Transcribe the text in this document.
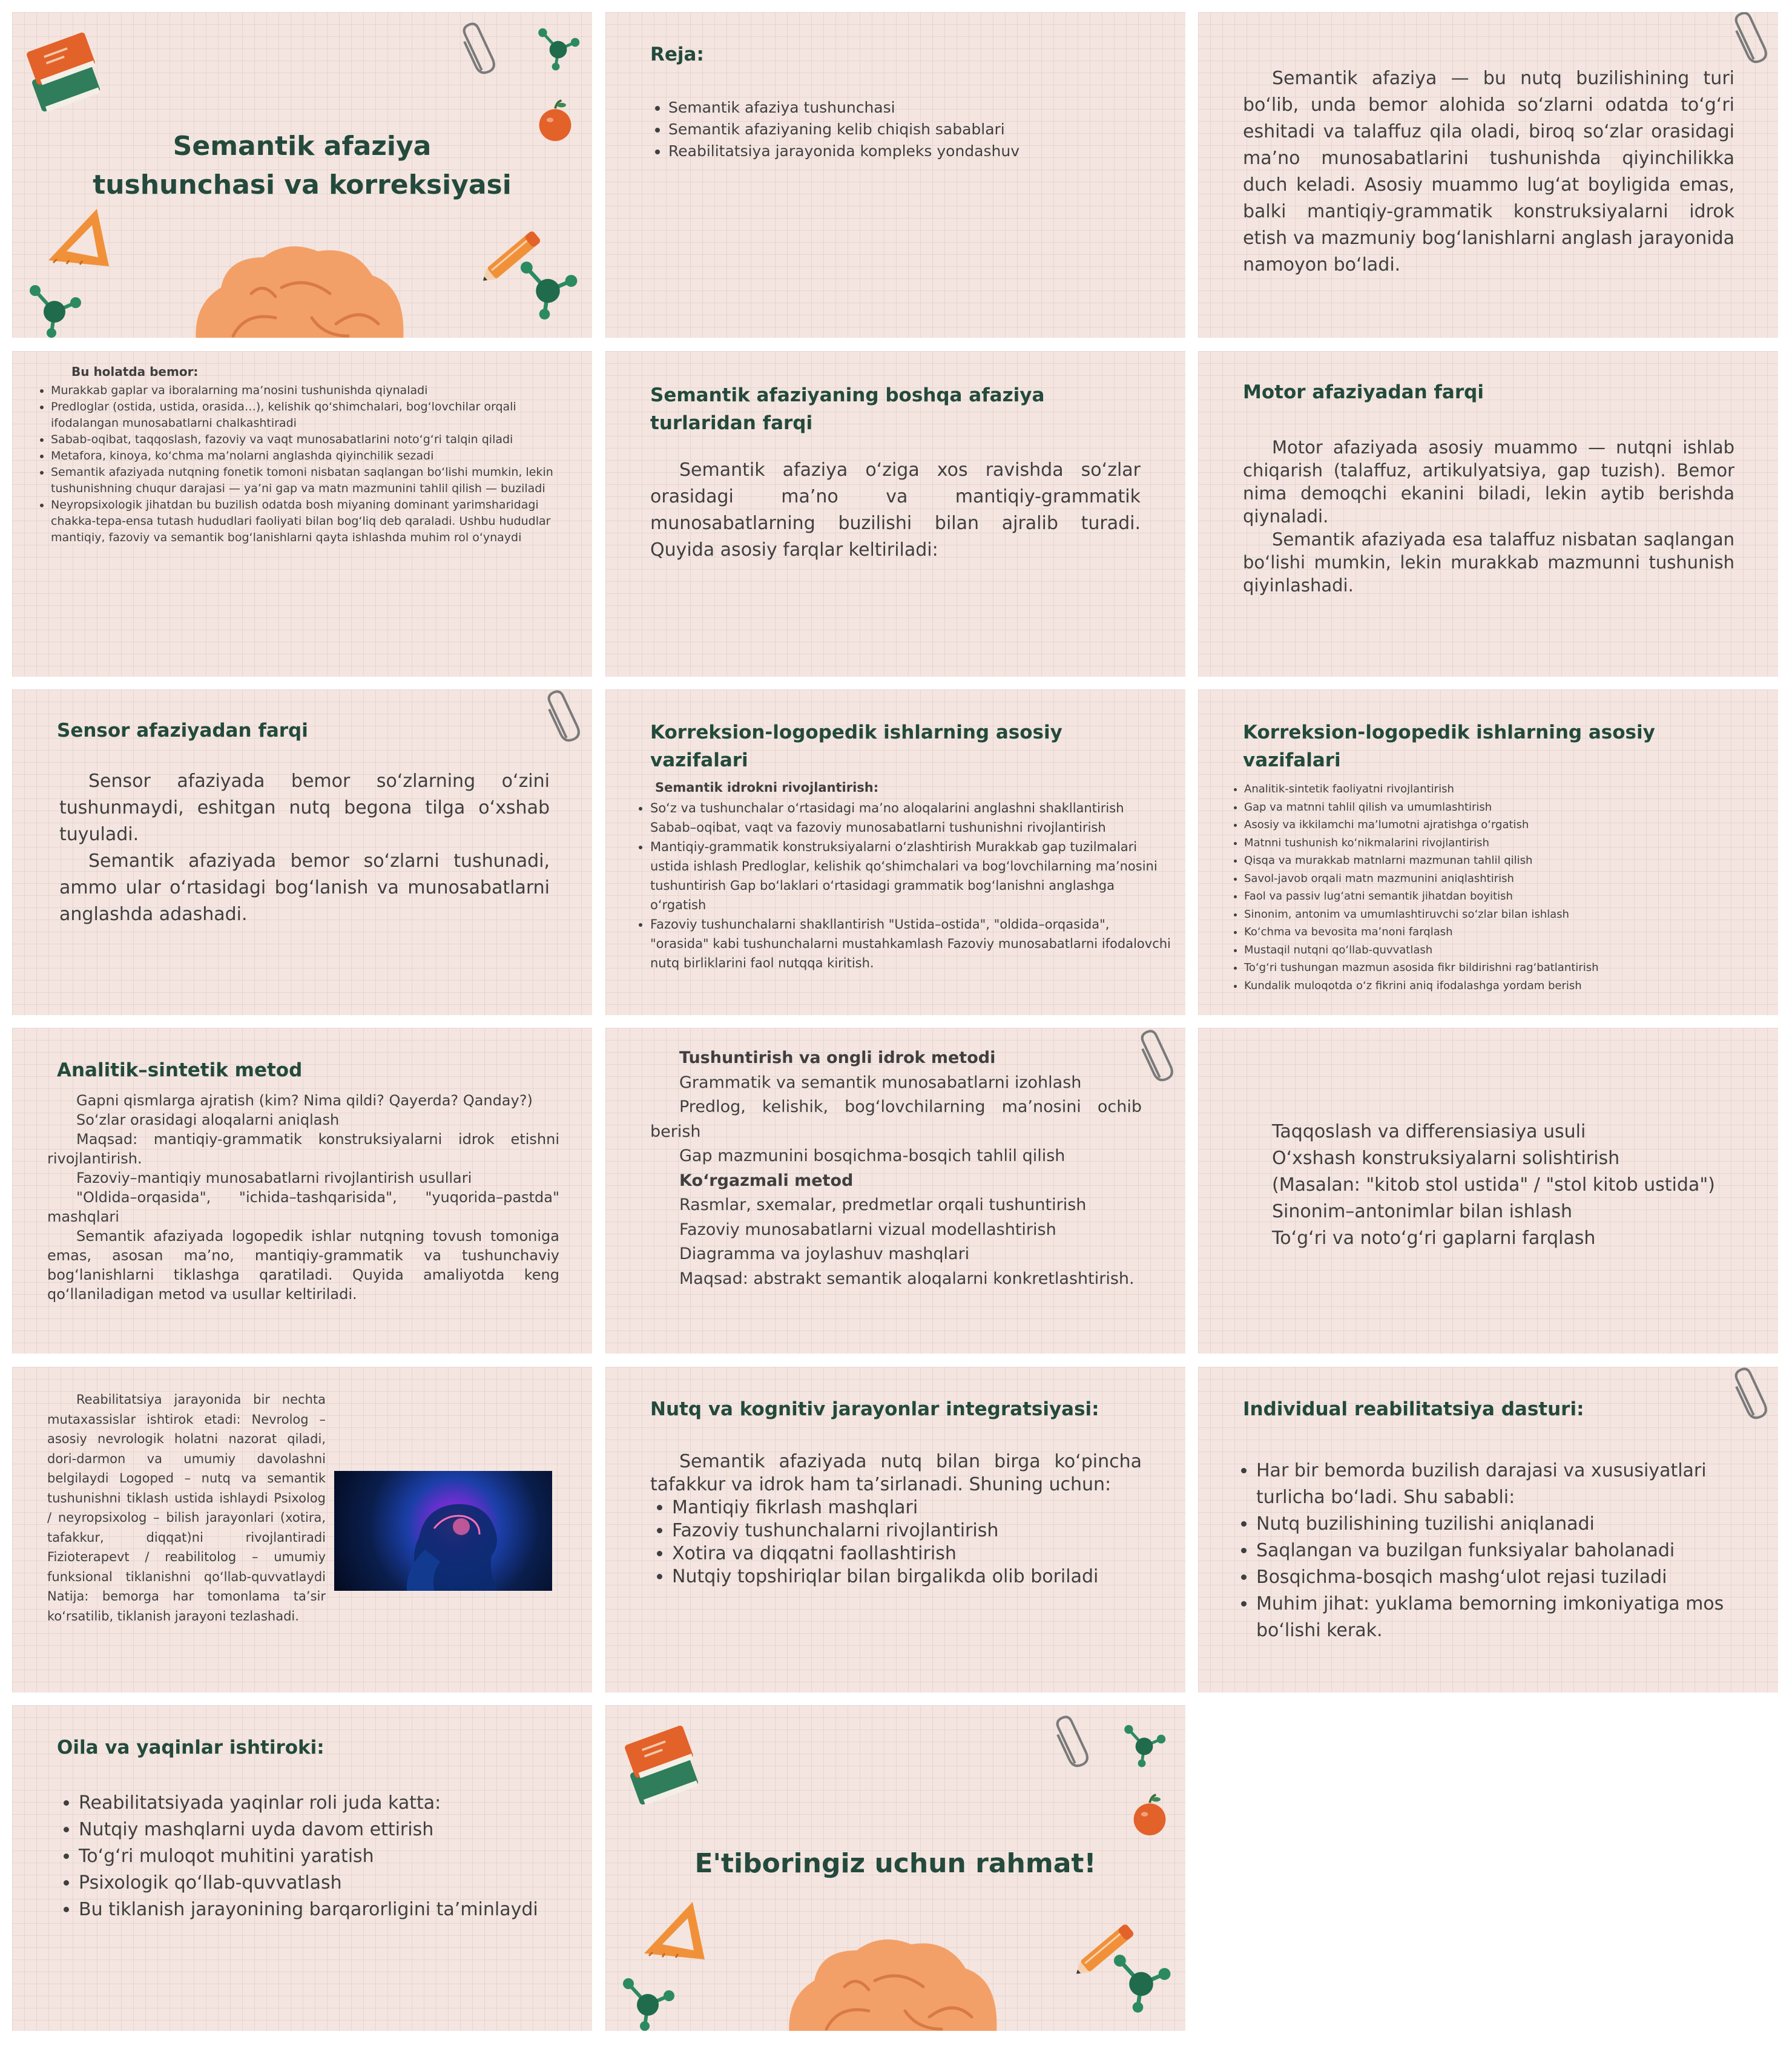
Semantik afaziya
tushunchasi va korreksiyasi
Reja:
• Semantik afaziya tushunchasi
• Semantik afaziyaning kelib chiqish sabablari
• Reabilitatsiya jarayonida kompleks yondashuv

Semantik afaziya — bu nutq buzilishining turi bo‘lib, unda bemor alohida so‘zlarni odatda to‘g‘ri eshitadi va talaffuz qila oladi, biroq so‘zlar orasidagi ma’no munosabatlarini tushunishda qiyinchilikka duch keladi. Asosiy muammo lug‘at boyligida emas, balki mantiqiy-grammatik konstruksiyalarni idrok etish va mazmuniy bog‘lanishlarni anglash jarayonida namoyon bo‘ladi.

Bu holatda bemor:
• Murakkab gaplar va iboralarning ma’nosini tushunishda qiynaladi
• Predloglar (ostida, ustida, orasida…), kelishik qo‘shimchalari, bog‘lovchilar orqali ifodalangan munosabatlarni chalkashtiradi
• Sabab-oqibat, taqqoslash, fazoviy va vaqt munosabatlarini noto‘g‘ri talqin qiladi
• Metafora, kinoya, ko‘chma ma’nolarni anglashda qiyinchilik sezadi
• Semantik afaziyada nutqning fonetik tomoni nisbatan saqlangan bo‘lishi mumkin, lekin tushunishning chuqur darajasi — ya’ni gap va matn mazmunini tahlil qilish — buziladi
• Neyropsixologik jihatdan bu buzilish odatda bosh miyaning dominant yarimsharidagi chakka-tepa-ensa tutash hududlari faoliyati bilan bog‘liq deb qaraladi. Ushbu hududlar mantiqiy, fazoviy va semantik bog‘lanishlarni qayta ishlashda muhim rol o‘ynaydi
Semantik afaziyaning boshqa afaziya turlaridan farqi

Semantik afaziya o‘ziga xos ravishda so‘zlar orasidagi ma’no va mantiqiy-grammatik munosabatlarning buzilishi bilan ajralib turadi. Quyida asosiy farqlar keltiriladi:

Motor afaziyadan farqi

Motor afaziyada asosiy muammo — nutqni ishlab chiqarish (talaffuz, artikulyatsiya, gap tuzish). Bemor nima demoqchi ekanini biladi, lekin aytib berishda qiynaladi.

Semantik afaziyada esa talaffuz nisbatan saqlangan bo‘lishi mumkin, lekin murakkab mazmunni tushunish qiyinlashadi.

Sensor afaziyadan farqi

Sensor afaziyada bemor so‘zlarning o‘zini tushunmaydi, eshitgan nutq begona tilga o‘xshab tuyuladi.

Semantik afaziyada bemor so‘zlarni tushunadi, ammo ular o‘rtasidagi bog‘lanish va munosabatlarni anglashda adashadi.

Korreksion-logopedik ishlarning asosiy vazifalari
Semantik idrokni rivojlantirish:
• So‘z va tushunchalar o‘rtasidagi ma’no aloqalarini anglashni shakllantirish Sabab–oqibat, vaqt va fazoviy munosabatlarni tushunishni rivojlantirish
• Mantiqiy-grammatik konstruksiyalarni o‘zlashtirish Murakkab gap tuzilmalari ustida ishlash Predloglar, kelishik qo‘shimchalari va bog‘lovchilarning ma’nosini tushuntirish Gap bo‘laklari o‘rtasidagi grammatik bog‘lanishni anglashga o‘rgatish
• Fazoviy tushunchalarni shakllantirish "Ustida–ostida", "oldida–orqasida", "orasida" kabi tushunchalarni mustahkamlash Fazoviy munosabatlarni ifodalovchi nutq birliklarini faol nutqqa kiritish.
Korreksion-logopedik ishlarning asosiy vazifalari
• Analitik-sintetik faoliyatni rivojlantirish
• Gap va matnni tahlil qilish va umumlashtirish
• Asosiy va ikkilamchi ma’lumotni ajratishga o‘rgatish
• Matnni tushunish ko‘nikmalarini rivojlantirish
• Qisqa va murakkab matnlarni mazmunan tahlil qilish
• Savol-javob orqali matn mazmunini aniqlashtirish
• Faol va passiv lug‘atni semantik jihatdan boyitish
• Sinonim, antonim va umumlashtiruvchi so‘zlar bilan ishlash
• Ko‘chma va bevosita ma’noni farqlash
• Mustaqil nutqni qo‘llab-quvvatlash
• To‘g‘ri tushungan mazmun asosida fikr bildirishni rag‘batlantirish
• Kundalik muloqotda o‘z fikrini aniq ifodalashga yordam berish
Analitik–sintetik metod

Gapni qismlarga ajratish (kim? Nima qildi? Qayerda? Qanday?)

So‘zlar orasidagi aloqalarni aniqlash

Maqsad: mantiqiy-grammatik konstruksiyalarni idrok etishni rivojlantirish.

Fazoviy–mantiqiy munosabatlarni rivojlantirish usullari

"Oldida–orqasida", "ichida–tashqarisida", "yuqorida–pastda" mashqlari

Semantik afaziyada logopedik ishlar nutqning tovush tomoniga emas, asosan ma’no, mantiqiy-grammatik va tushunchaviy bog‘lanishlarni tiklashga qaratiladi. Quyida amaliyotda keng qo‘llaniladigan metod va usullar keltiriladi.

Tushuntirish va ongli idrok metodi

Grammatik va semantik munosabatlarni izohlash

Predlog, kelishik, bog‘lovchilarning ma’nosini ochib berish

Gap mazmunini bosqichma-bosqich tahlil qilish

Ko‘rgazmali metod

Rasmlar, sxemalar, predmetlar orqali tushuntirish

Fazoviy munosabatlarni vizual modellashtirish

Diagramma va joylashuv mashqlari

Maqsad: abstrakt semantik aloqalarni konkretlashtirish.

Taqqoslash va differensiasiya usuli

O‘xshash konstruksiyalarni solishtirish

(Masalan: "kitob stol ustida" / "stol kitob ustida")

Sinonim–antonimlar bilan ishlash

To‘g‘ri va noto‘g‘ri gaplarni farqlash

Reabilitatsiya jarayonida bir nechta mutaxassislar ishtirok etadi: Nevrolog – asosiy nevrologik holatni nazorat qiladi, dori-darmon va umumiy davolashni belgilaydi Logoped – nutq va semantik tushunishni tiklash ustida ishlaydi Psixolog / neyropsixolog – bilish jarayonlari (xotira, tafakkur, diqqat)ni rivojlantiradi Fizioterapevt / reabilitolog – umumiy funksional tiklanishni qo‘llab-quvvatlaydi Natija: bemorga har tomonlama ta’sir ko‘rsatilib, tiklanish jarayoni tezlashadi.

Nutq va kognitiv jarayonlar integratsiyasi:

Semantik afaziyada nutq bilan birga ko‘pincha tafakkur va idrok ham ta’sirlanadi. Shuning uchun:

• Mantiqiy fikrlash mashqlari
• Fazoviy tushunchalarni rivojlantirish
• Xotira va diqqatni faollashtirish
• Nutqiy topshiriqlar bilan birgalikda olib boriladi
Individual reabilitatsiya dasturi:
• Har bir bemorda buzilish darajasi va xususiyatlari turlicha bo‘ladi. Shu sababli:
• Nutq buzilishining tuzilishi aniqlanadi
• Saqlangan va buzilgan funksiyalar baholanadi
• Bosqichma-bosqich mashg‘ulot rejasi tuziladi
• Muhim jihat: yuklama bemorning imkoniyatiga mos bo‘lishi kerak.
Oila va yaqinlar ishtiroki:
• Reabilitatsiyada yaqinlar roli juda katta:
• Nutqiy mashqlarni uyda davom ettirish
• To‘g‘ri muloqot muhitini yaratish
• Psixologik qo‘llab-quvvatlash
• Bu tiklanish jarayonining barqarorligini ta’minlaydi
E'tiboringiz uchun rahmat!
